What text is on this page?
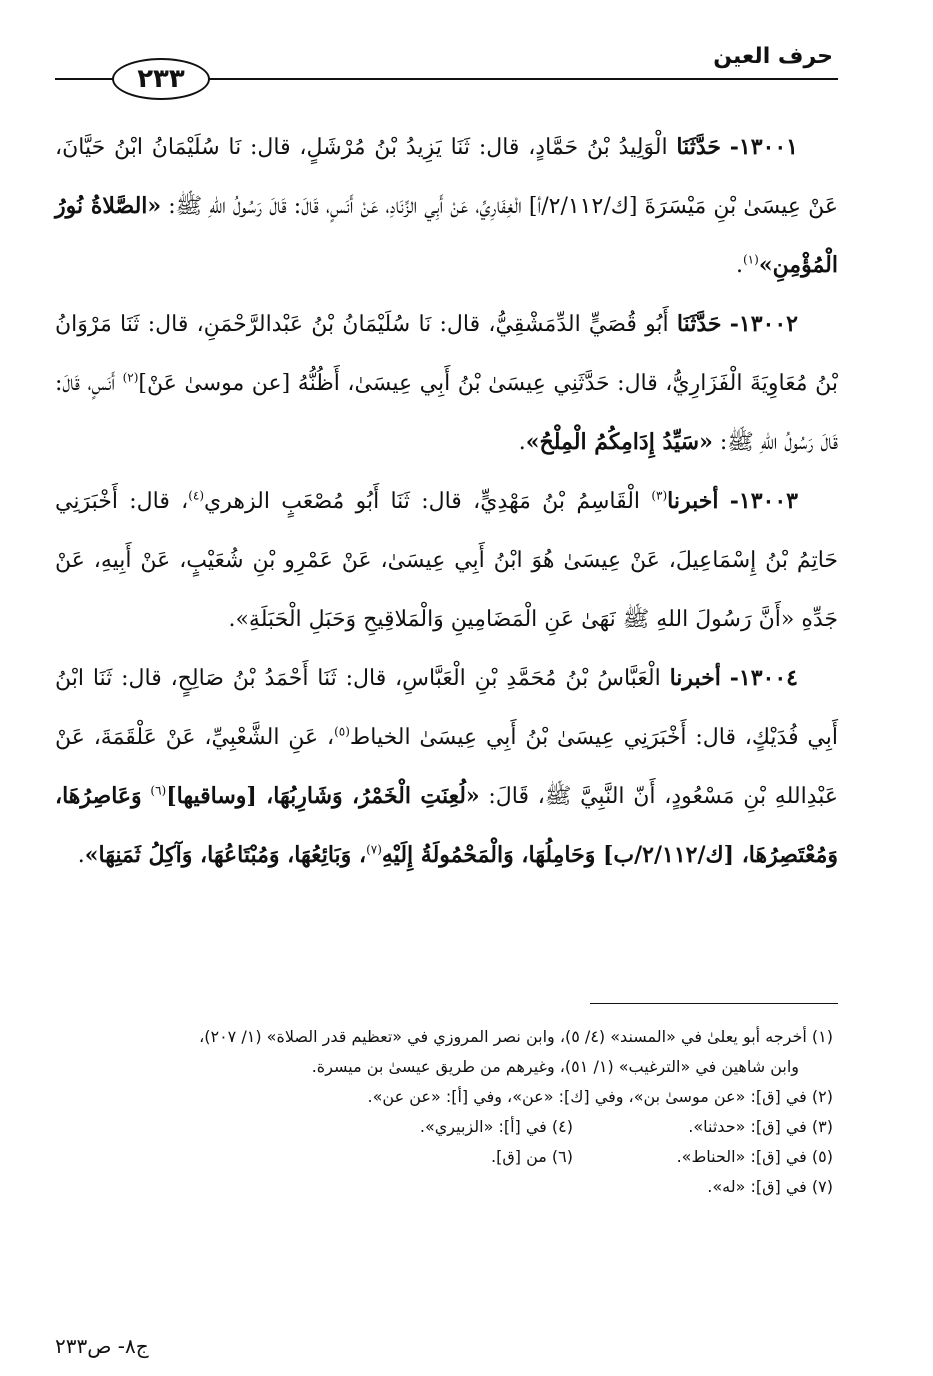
حرف العين
٢٣٣

١٣٠٠١- حَدَّثَنَا الْوَلِيدُ بْنُ حَمَّادٍ، قال: ثَنَا يَزِيدُ بْنُ مُرْشَلٍ، قال: نَا سُلَيْمَانُ ابْنُ حَيَّانَ، عَنْ عِيسَىٰ بْنِ مَيْسَرَةَ [ك/٢/١١٢/أ] الْغِفَارِيِّ، عَنْ أَبِي الزِّنَادِ، عَنْ أَنَسٍ، قَالَ: قَالَ رَسُولُ اللهِ ﷺ: «الصَّلاةُ نُورُ الْمُؤْمِنِ»$^{(١)}$.

١٣٠٠٢- حَدَّثَنَا أَبُو قُصَيٍّ الدِّمَشْقِيُّ، قال: نَا سُلَيْمَانُ بْنُ عَبْدالرَّحْمَنِ، قال: ثَنَا مَرْوَانُ بْنُ مُعَاوِيَةَ الْفَزَارِيُّ، قال: حَدَّثَنِي عِيسَىٰ بْنُ أَبِي عِيسَىٰ، أَظُنُّهُ [عن موسىٰ عَنْ]$^{(٢)}$ أَنَسٍ، قَالَ: قَالَ رَسُولُ اللهِ ﷺ: «سَيِّدُ إِدَامِكُمُ الْمِلْحُ».

١٣٠٠٣- أخبرنا$^{(٣)}$ الْقَاسِمُ بْنُ مَهْدِيٍّ، قال: ثَنَا أَبُو مُصْعَبٍ الزهري$^{(٤)}$، قال: أَخْبَرَنِي حَاتِمُ بْنُ إِسْمَاعِيلَ، عَنْ عِيسَىٰ هُوَ ابْنُ أَبِي عِيسَىٰ، عَنْ عَمْرِو بْنِ شُعَيْبٍ، عَنْ أَبِيهِ، عَنْ جَدِّهِ «أَنَّ رَسُولَ اللهِ ﷺ نَهَىٰ عَنِ الْمَضَامِينِ وَالْمَلاقِيحِ وَحَبَلِ الْحَبَلَةِ».

١٣٠٠٤- أخبرنا الْعَبَّاسُ بْنُ مُحَمَّدِ بْنِ الْعَبَّاسِ، قال: ثَنَا أَحْمَدُ بْنُ صَالِحٍ، قال: ثَنَا ابْنُ أَبِي فُدَيْكٍ، قال: أَخْبَرَنِي عِيسَىٰ بْنُ أَبِي عِيسَىٰ الخياط$^{(٥)}$، عَنِ الشَّعْبِيِّ، عَنْ عَلْقَمَةَ، عَنْ عَبْدِاللهِ بْنِ مَسْعُودٍ، أَنّ النَّبِيَّ ﷺ، قَالَ: «لُعِنَتِ الْخَمْرُ، وَشَارِبُهَا، [وساقيها]$^{(٦)}$ وَعَاصِرُهَا، وَمُعْتَصِرُهَا، [ك/٢/١١٢/ب] وَحَامِلُهَا، وَالْمَحْمُولَةُ إِلَيْهِ$^{(٧)}$، وَبَائِعُهَا، وَمُبْتَاعُهَا، وَآكِلُ ثَمَنِهَا».

(١) أخرجه أبو يعلىٰ في «المسند» (٤/ ٥)، وابن نصر المروزي في «تعظيم قدر الصلاة» (١/ ٢٠٧)،

وابن شاهين في «الترغيب» (١/ ٥١)، وغيرهم من طريق عيسىٰ بن ميسرة.

(٢) في [ق]: «عن موسىٰ بن»، وفي [ك]: «عن»، وفي [أ]: «عن عن».

(٣) في [ق]: «حدثنا».
(٤) في [أ]: «الزبيري».
(٥) في [ق]: «الحناط».
(٦) من [ق].

(٧) في [ق]: «له».

ج٨- ص٢٣٣
